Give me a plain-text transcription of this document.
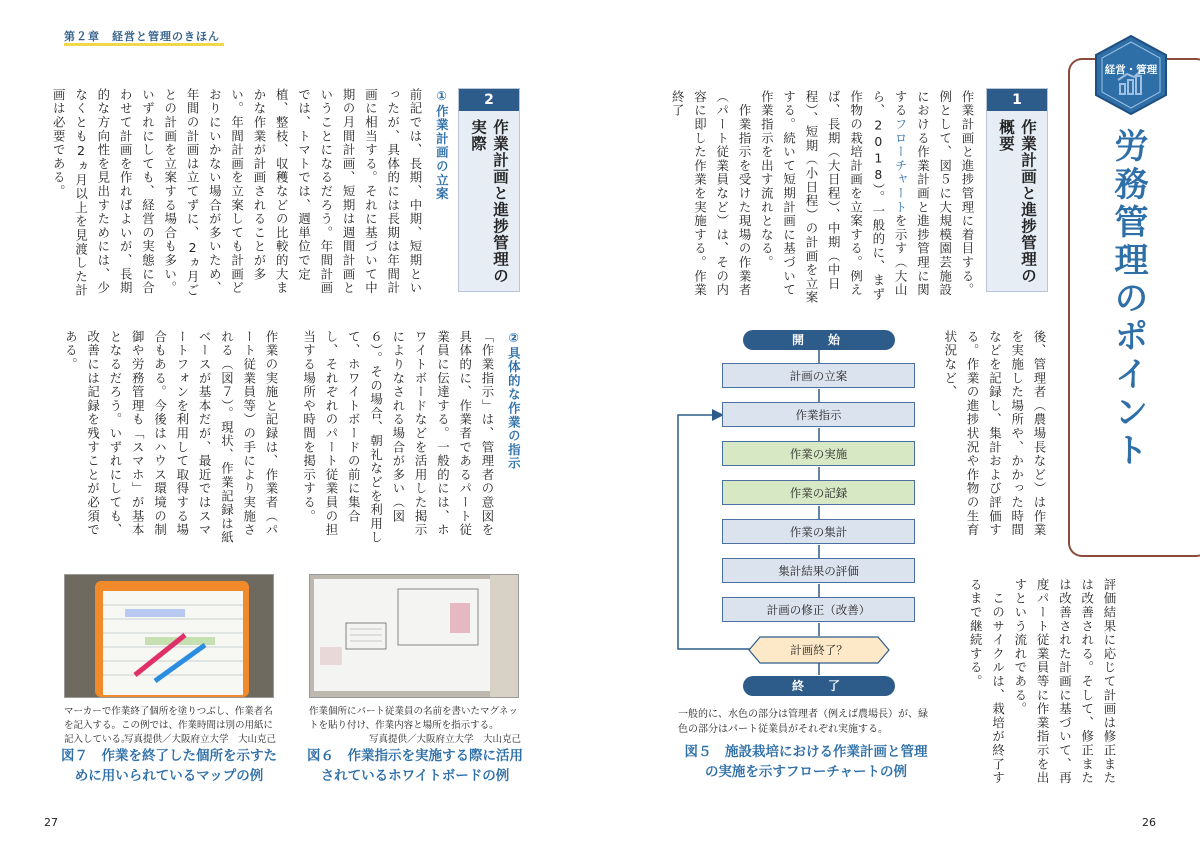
第２章　経営と管理のきほん
経営・管理
労務管理のポイント
1
作業計画と進捗管理の概要
作業計画と進捗管理に着目する。例として、図５に大規模園芸施設における作業計画と進捗管理に関するフローチャートを示す（大山ら、2018）。一般的に、まず作物の栽培計画を立案する。例えば、長期（大日程）、中期（中日程）、短期（小日程）の計画を立案する。続いて短期計画に基づいて作業指示を出す流れとなる。
　作業指示を受けた現場の作業者（パート従業員など）は、その内容に即した作業を実施する。作業終了
後、管理者（農場長など）は作業を実施した場所や、かかった時間などを記録し、集計および評価する。作業の進捗状況や作物の生育状況など、
評価結果に応じて計画は修正または改善される。そして、修正または改善された計画に基づいて、再度パート従業員等に作業指示を出すという流れである。
　このサイクルは、栽培が終了するまで継続する。
2
作業計画と進捗管理の実際
①作業計画の立案
前記では、長期、中期、短期といったが、具体的には長期は年間計画に相当する。それに基づいて中期の月間計画、短期は週間計画ということになるだろう。年間計画では、トマトでは、週単位で定植、整枝、収穫などの比較的大まかな作業が計画されることが多い。年間計画を立案しても計画どおりにいかない場合が多いため、年間の計画は立てずに、2ヵ月ごとの計画を立案する場合も多い。いずれにしても、経営の実態に合わせて計画を作ればよいが、長期的な方向性を見出すためには、少なくとも2ヵ月以上を見渡した計画は必要である。
②具体的な作業の指示
「作業指示」は、管理者の意図を具体的に、作業者であるパート従業員に伝達する。一般的には、ホワイトボードなどを活用した掲示によりなされる場合が多い（図６）。その場合、朝礼などを利用して、ホワイトボードの前に集合し、それぞれのパート従業員の担当する場所や時間を掲示する。
作業の実施と記録は、作業者（パート従業員等）の手により実施される（図７）。現状、作業記録は紙ベースが基本だが、最近ではスマートフォンを利用して取得する場合もある。今後はハウス環境の制御や労務管理も「スマホ」が基本となるだろう。いずれにしても、改善には記録を残すことが必須である。	開　始
計画の立案
作業指示
作業の実施
作業の記録
作業の集計
集計結果の評価
計画の修正（改善）
計画終了？
終　了
一般的に、水色の部分は管理者（例えば農場長）が、緑色の部分はパート従業員がそれぞれ実施する。
図５　施設栽培における作業計画と管理
の実施を示すフローチャートの例
作業個所にパート従業員の名前を書いたマグネットを貼り付け、作業内容と場所を指示する。
写真提供／大阪府立大学　大山克己
図６　作業指示を実施する際に活用
されているホワイトボードの例
マーカーで作業終了個所を塗りつぶし、作業者名を記入する。この例では、作業時間は別の用紙に記入している。
写真提供／大阪府立大学　大山克己
図７　作業を終了した個所を示すた
めに用いられているマップの例
27	26
